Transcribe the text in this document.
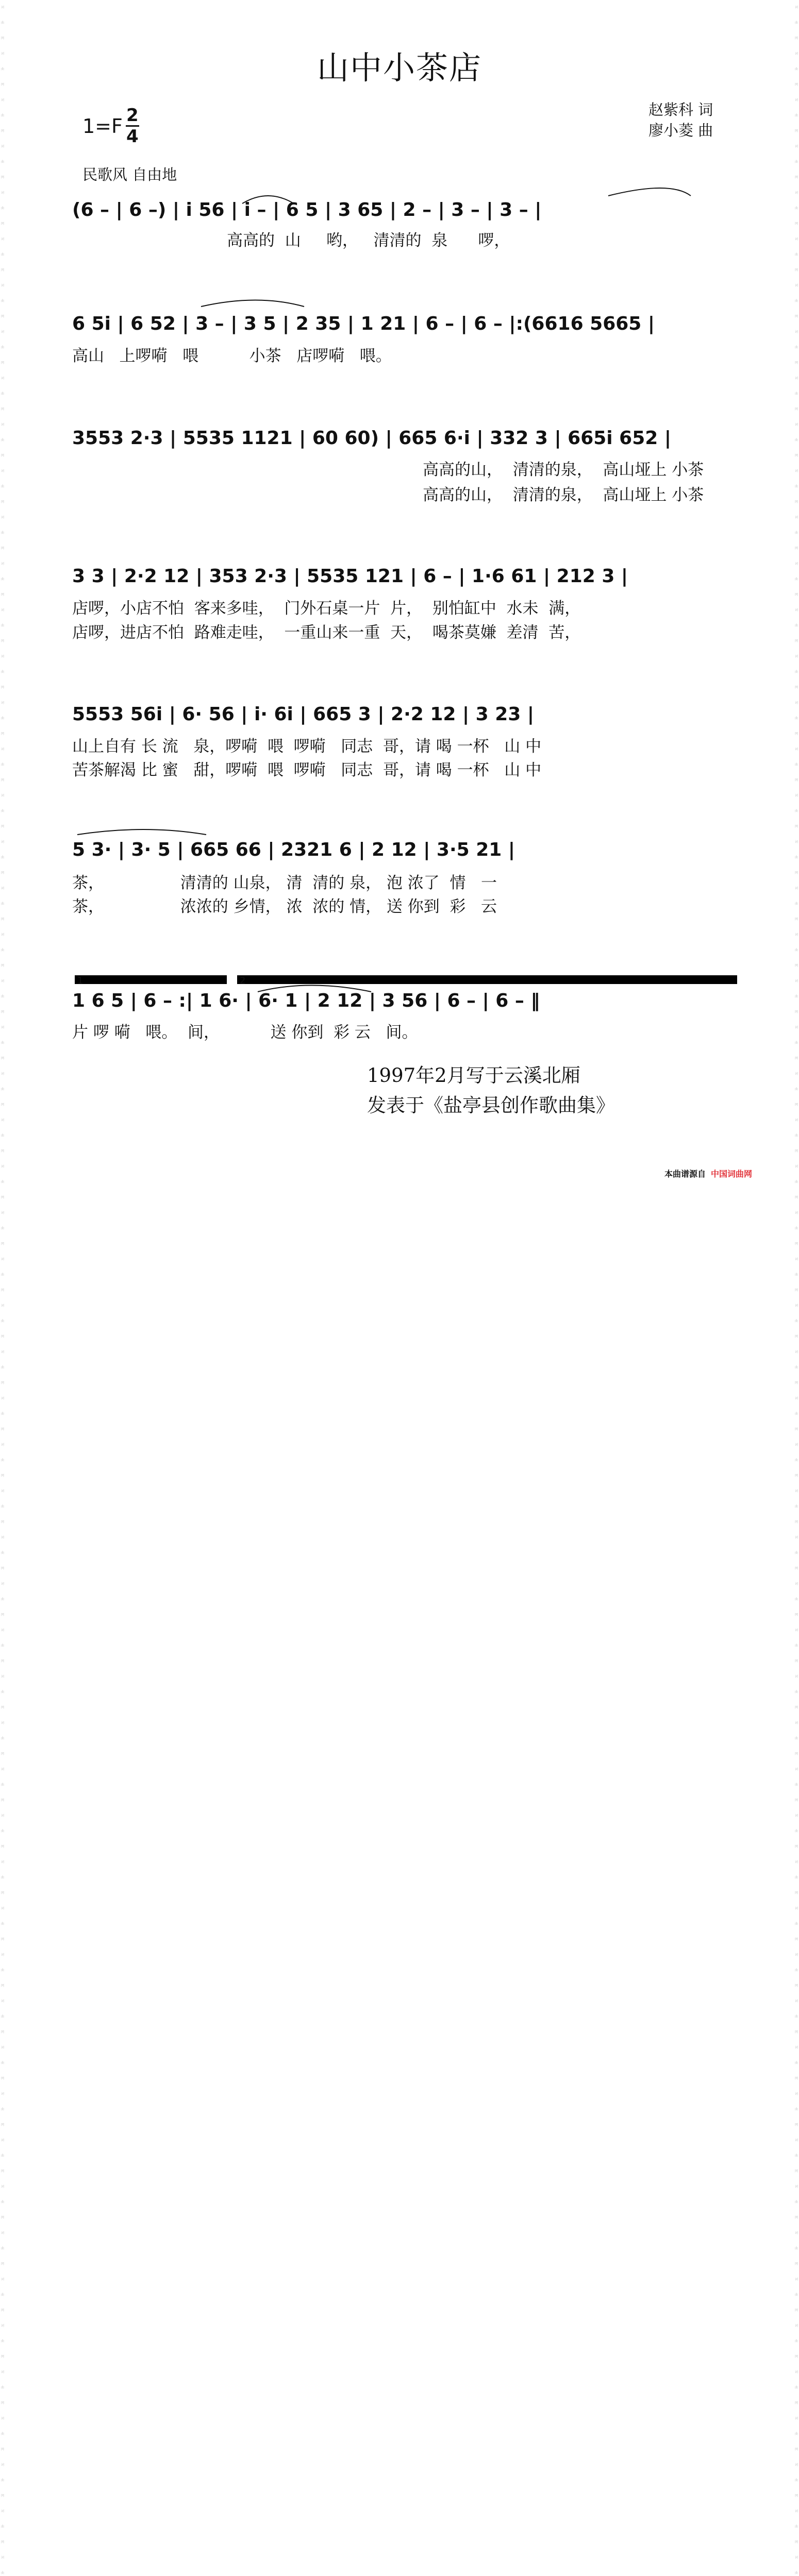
词曲网
词曲网
词曲网
词曲网
词曲网
词曲网
词曲网
词曲网
词曲网
词曲网
词曲网
词曲网
词曲网
词曲网
词曲网
词曲网
词曲网
词曲网
词曲网
词曲网
词曲网
词曲网
词曲网
词曲网
词曲网
词曲网
词曲网
词曲网
词曲网
词曲网
词曲网
词曲网
词曲网
词曲网
词曲网
词曲网
词曲网
词曲网
词曲网
词曲网
词曲网
词曲网
词曲网
词曲网
词曲网
词曲网
词曲网
词曲网
词曲网
词曲网
词曲网
词曲网
词曲网
词曲网
词曲网
词曲

词曲网
词曲网
词曲网
词曲网
词曲网
词曲网
词曲网
词曲网
词曲网
词曲网
词曲网
词曲网
词曲网
词曲网
词曲网
词曲网
词曲网
词曲网
词曲网
词曲网
词曲网
词曲网
词曲网
词曲网
词曲网
词曲网
词曲网
词曲网
词曲网
词曲网
词曲网
词曲网
词曲网
词曲网
词曲网
词曲网
词曲网
词曲网
词曲网
词曲网
词曲网
词曲网
词曲网
词曲网
词曲网
词曲网
词曲网
词曲网
词曲网
词曲网
词曲网
词曲网
词曲网
词曲网
词曲网
词曲

山中小茶店
$1=F \frac{2}{4}$	赵紫科 词
廖小菱 曲
民歌风 自由地
(6 – | 6 –) | i 56 | i – | 6 5 | 3 65 | 2 – | 3 – | 3 – |
高高的  山     哟，   清清的  泉      啰，
6 5i | 6 52 | 3 – | 3 5 | 2 35 | 1 21 | 6 – | 6 – |:(6616 5665 |
高山   上啰嗬   喂          小茶   店啰嗬   喂。
3553 2·3 | 5535 1121 | 60 60) | 665 6·i | 332 3 | 665i 652 |
高高的山，  清清的泉，  高山垭上 小茶
高高的山，  清清的泉，  高山垭上 小茶
3 3 | 2·2 12 | 353 2·3 | 5535 121 | 6 – | 1·6 61 | 212 3 |
店啰，小店不怕  客来多哇，  门外石桌一片  片，  别怕缸中  水未  满，
店啰，进店不怕  路难走哇，  一重山来一重  天，  喝茶莫嫌  差清  苦，
5553 56i | 6· 56 | i· 6i | 665 3 | 2·2 12 | 3 23 |
山上自有 长 流   泉，啰嗬  喂  啰嗬   同志  哥，请 喝 一杯   山 中
苦茶解渴 比 蜜   甜，啰嗬  喂  啰嗬   同志  哥，请 喝 一杯   山 中
5 3· | 3· 5 | 665 66 | 2321 6 | 2 12 | 3·5 21 |
茶，               清清的 山泉， 清  清的 泉， 泡 浓了  情   一
茶，               浓浓的 乡情， 浓  浓的 情， 送 你到  彩   云
1	2
1 6 5 | 6 – :| 1 6· | 6· 1 | 2 12 | 3 56 | 6 – | 6 – ‖
片 啰 嗬   喂。  间，          送 你到  彩 云   间。
1997年2月写于云溪北厢
发表于《盐亭县创作歌曲集》
本曲谱源自 中国词曲网
